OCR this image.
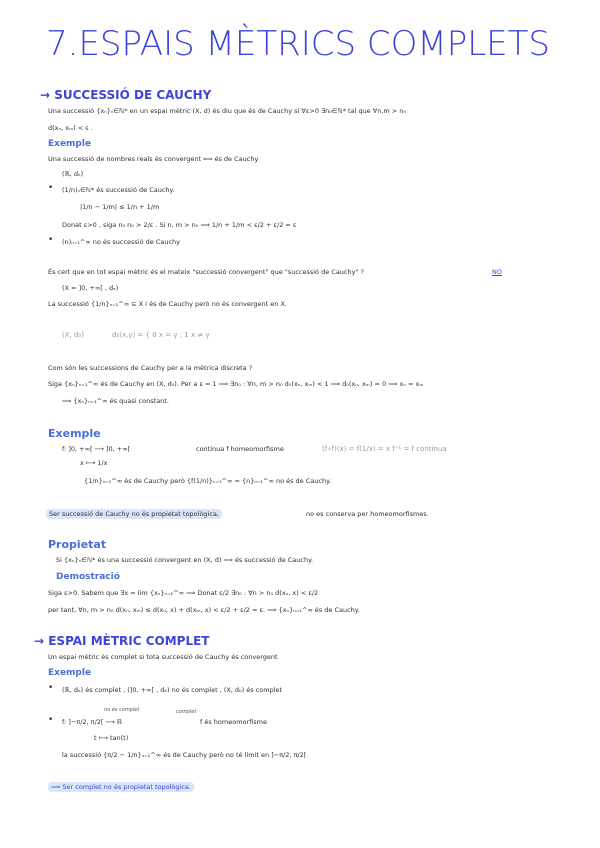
7.ESPAIS MÈTRICS COMPLETS
→ SUCCESSIÓ DE CAUCHY
Una successió {xₙ}ₙ∈ℕ* en un espai mètric (X, d) és diu que és de Cauchy si ∀ε>0 ∃n₀∈ℕ* tal que ∀n,m > n₀
d(xₙ, xₘ) < ε .
Exemple
Una successió de nombres reals és convergent ⟺ és de Cauchy
(ℝ, dₑ)
• (1/n)ₙ∈ℕ* és successió de Cauchy.
|1/n − 1/m| ≤ 1/n + 1/m
Donat ε>0 , siga n₀ n₀ > 2/ε . Si n, m > n₀ ⟹ 1/n + 1/m < ε/2 + ε/2 = ε
• (n)ₙ₌₁^∞ no és successió de Cauchy
És cert que en tot espai mètric és el mateix "successió convergent" que "successió de Cauchy" ?	NO
(X = ]0, +∞[ , dₑ)
La successió {1/n}ₙ₌₁^∞ ⊆ X i és de Cauchy però no és convergent en X.
(X, d₀)	d₀(x,y) = { 0 x = y ; 1 x ≠ y
Com són les successions de Cauchy per a la mètrica discreta ?
Siga {xₙ}ₙ₌₁^∞ és de Cauchy en (X, d₀). Per a ε = 1 ⟹ ∃n₀ : ∀n, m > n₀ d₀(xₙ, xₘ) < 1 ⟹ d₀(xₙ, xₘ) = 0 ⟹ xₙ = xₘ
⟹ {xₙ}ₙ₌₁^∞ és quasi constant.
Exemple
f: ]0, +∞[ ⟶ ]0, +∞[	contínua f homeomorfisme	(f∘f)(x) = f(1/x) = x f⁻¹ = f contínua
x ⟼ 1/x
{1/n}ₙ₌₁^∞ és de Cauchy però {f(1/n)}ₙ₌₁^∞ = {n}ₙ₌₁^∞ no és de Cauchy.
Ser successió de Cauchy no és propietat topològica,	no es conserva per homeomorfismes.
Propietat
Si {xₙ}ₙ∈ℕ* és una successió convergent en (X, d) ⟹ és successió de Cauchy.
Demostració
Siga ε>0. Sabem que ∃x = lim {xₙ}ₙ₌₁^∞ ⟹ Donat ε/2 ∃n₀ : ∀n > n₀ d(xₙ, x) < ε/2
per tant, ∀n, m > n₀ d(xₙ, xₘ) ≤ d(xₙ, x) + d(xₘ, x) < ε/2 + ε/2 = ε. ⟹ {xₙ}ₙ₌₁^∞ és de Cauchy.
→ ESPAI MÈTRIC COMPLET
Un espai mètric és complet si tota successió de Cauchy és convergent
Exemple
• (ℝ, dₑ) és complet , (]0, +∞[ , dₑ) no és complet , (X, d₀) és complet
no és complet	complet
• f: ]−π/2, π/2[ ⟶ ℝ	f és homeomorfisme
t ⟼ tan(t)
la successió {π/2 − 1/n}ₙ₌₁^∞ és de Cauchy però no té límit en ]−π/2, π/2[
⟹ Ser complet no és propietat topològica.
